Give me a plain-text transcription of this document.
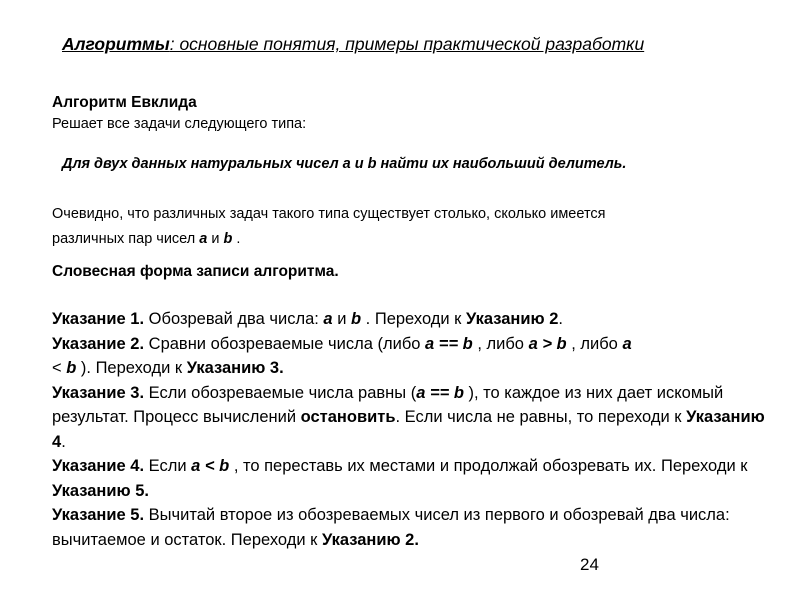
Алгоритмы: основные понятия, примеры практической разработки
Алгоритм Евклида
Решает все задачи следующего типа:
Для двух данных натуральных чисел a и b найти их наибольший делитель.
Очевидно, что различных задач такого типа существует столько, сколько имеется
различных пар чисел a и b .
Словесная форма записи алгоритма.

Указание 1. Обозревай два числа: a и b . Переходи к Указанию 2.

Указание 2. Сравни обозреваемые числа (либо a == b , либо a > b , либо a
< b ). Переходи к Указанию 3.

Указание 3. Если обозреваемые числа равны (a == b ), то каждое из них дает искомый результат. Процесс вычислений остановить. Если числа не равны, то переходи к Указанию 4.

Указание 4. Если a < b , то переставь их местами и продолжай обозревать их. Переходи к Указанию 5.

Указание 5. Вычитай второе из обозреваемых чисел из первого и обозревай два числа: вычитаемое и остаток. Переходи к Указанию 2.

24
